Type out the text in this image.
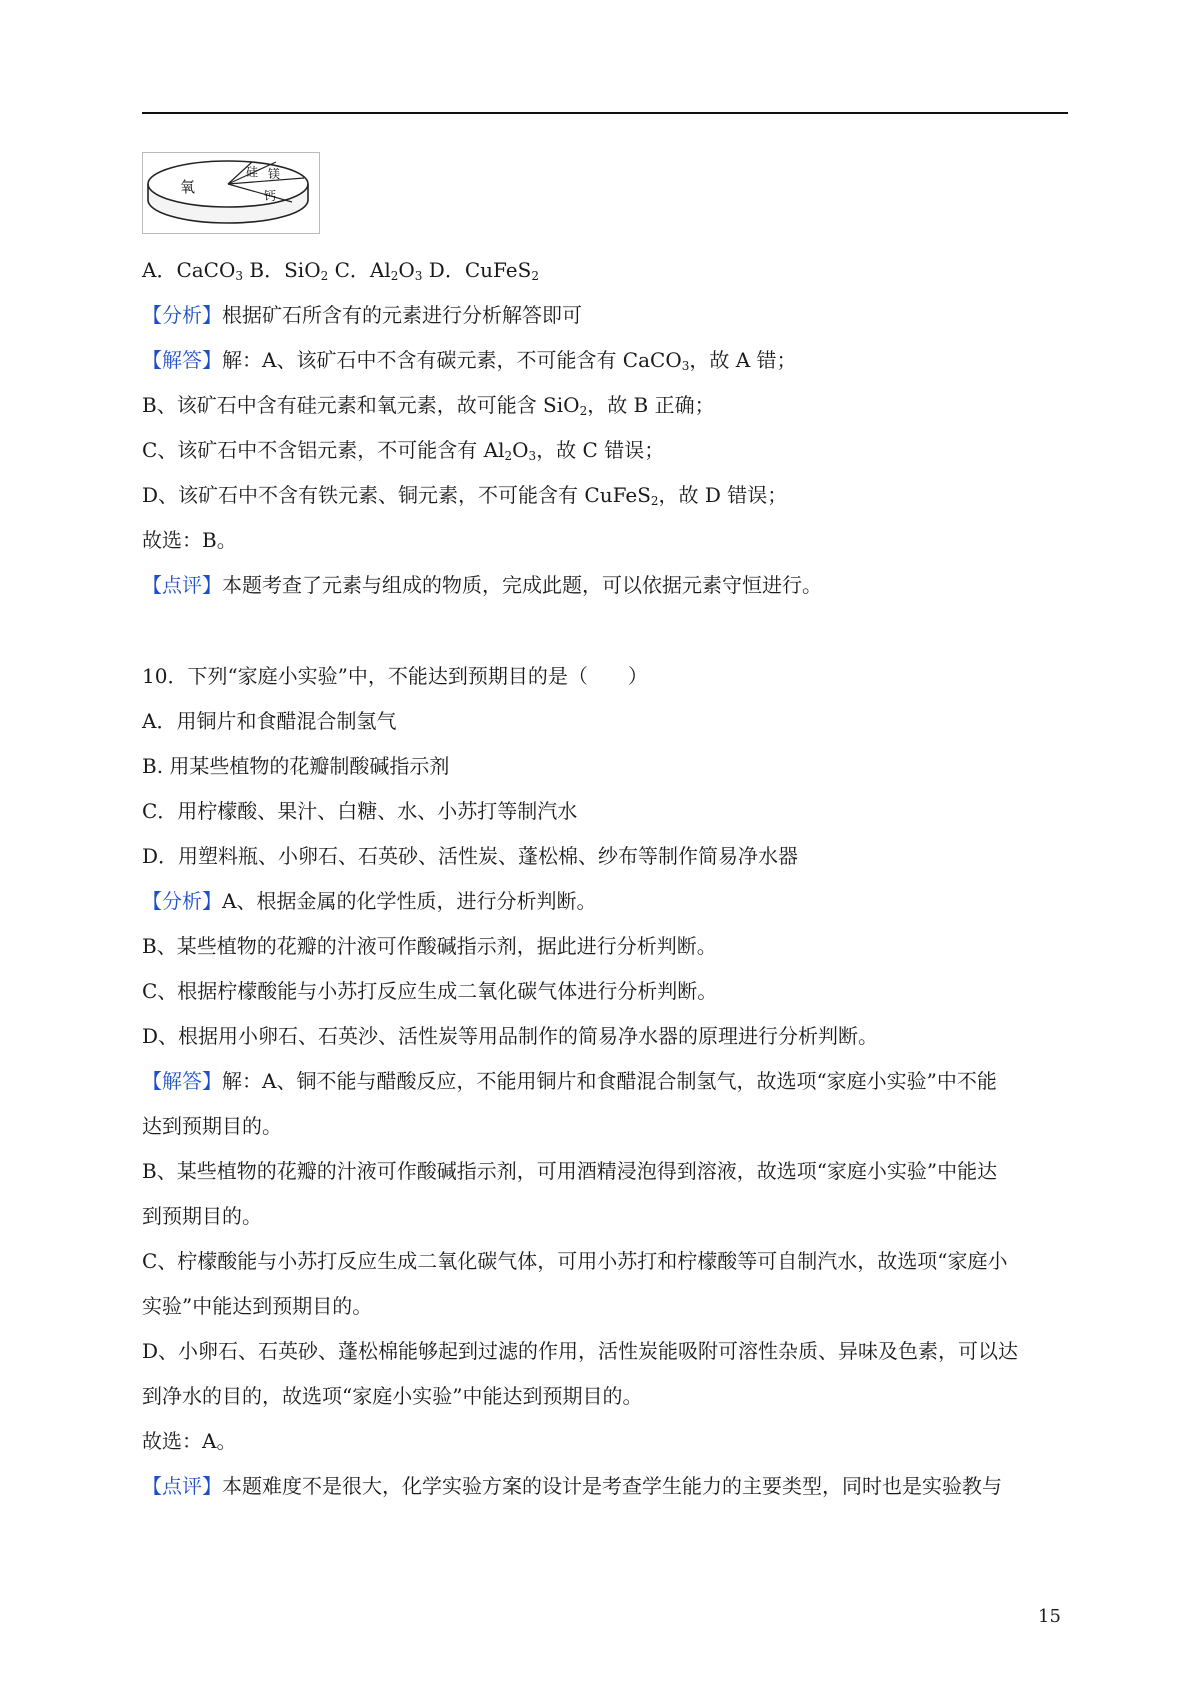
氧
硅 镁
钙
A．CaCO$_3$ B．SiO$_2$ C．$Al_2O_3$ D．CuFeS$_2$
【分析】根据矿石所含有的元素进行分析解答即可
【解答】解：A、该矿石中不含有碳元素，不可能含有 CaCO$_3$，故 A 错；
B、该矿石中含有硅元素和氧元素，故可能含 SiO$_2$，故 B 正确；
C、该矿石中不含铝元素，不可能含有 $Al_2O_3$，故 C 错误；
D、该矿石中不含有铁元素、铜元素，不可能含有 CuFeS$_2$，故 D 错误；
故选：B。
【点评】本题考查了元素与组成的物质，完成此题，可以依据元素守恒进行。
10．下列“家庭小实验”中，不能达到预期目的是（　　）
A．用铜片和食醋混合制氢气
B. 用某些植物的花瓣制酸碱指示剂
C．用柠檬酸、果汁、白糖、水、小苏打等制汽水
D．用塑料瓶、小卵石、石英砂、活性炭、蓬松棉、纱布等制作简易净水器
【分析】A、根据金属的化学性质，进行分析判断。
B、某些植物的花瓣的汁液可作酸碱指示剂，据此进行分析判断。
C、根据柠檬酸能与小苏打反应生成二氧化碳气体进行分析判断。
D、根据用小卵石、石英沙、活性炭等用品制作的简易净水器的原理进行分析判断。
【解答】解：A、铜不能与醋酸反应，不能用铜片和食醋混合制氢气，故选项“家庭小实验”中不能
达到预期目的。
B、某些植物的花瓣的汁液可作酸碱指示剂，可用酒精浸泡得到溶液，故选项“家庭小实验”中能达
到预期目的。
C、柠檬酸能与小苏打反应生成二氧化碳气体，可用小苏打和柠檬酸等可自制汽水，故选项“家庭小
实验”中能达到预期目的。
D、小卵石、石英砂、蓬松棉能够起到过滤的作用，活性炭能吸附可溶性杂质、异味及色素，可以达
到净水的目的，故选项“家庭小实验”中能达到预期目的。
故选：A。
【点评】本题难度不是很大，化学实验方案的设计是考查学生能力的主要类型，同时也是实验教与
15
